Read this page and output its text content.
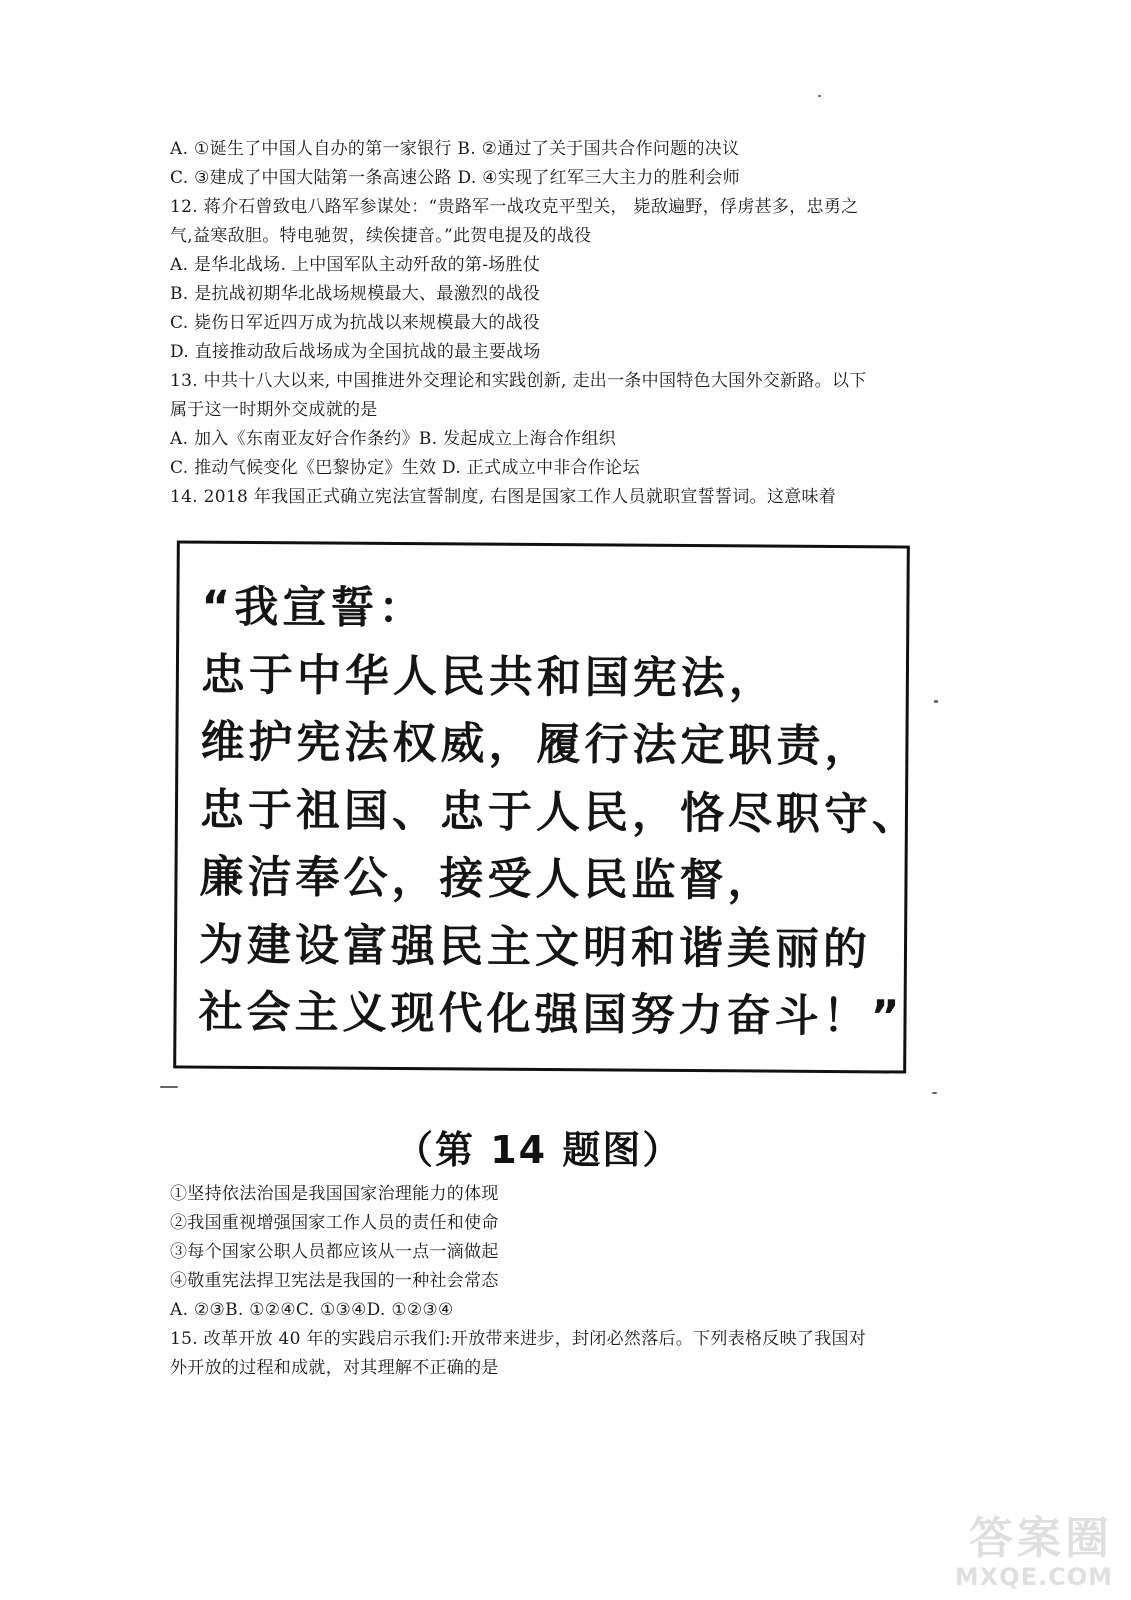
A. ①诞生了中国人自办的第一家银行 B. ②通过了关于国共合作问题的决议
C. ③建成了中国大陆第一条高速公路 D. ④实现了红军三大主力的胜利会师
12. 蒋介石曾致电八路军参谋处：“贵路军一战攻克平型关， 毙敌遍野，俘虏甚多，忠勇之
气,益寒敌胆。特电驰贺，续俟捷音。”此贺电提及的战役
A. 是华北战场. 上中国军队主动歼敌的第-场胜仗
B. 是抗战初期华北战场规模最大、最激烈的战役
C. 毙伤日军近四万成为抗战以来规模最大的战役
D. 直接推动敌后战场成为全国抗战的最主要战场
13. 中共十八大以来, 中国推进外交理论和实践创新, 走出一条中国特色大国外交新路。以下
属于这一时期外交成就的是
A. 加入《东南亚友好合作条约》B. 发起成立上海合作组织
C. 推动气候变化《巴黎协定》生效 D. 正式成立中非合作论坛
14. 2018 年我国正式确立宪法宣誓制度, 右图是国家工作人员就职宣誓誓词。这意味着
“我宣誓：
忠于中华人民共和国宪法，
维护宪法权威，履行法定职责，
忠于祖国、忠于人民，恪尽职守、
廉洁奉公，接受人民监督，
为建设富强民主文明和谐美丽的
社会主义现代化强国努力奋斗！”
（第 14 题图）
①坚持依法治国是我国国家治理能力的体现
②我国重视增强国家工作人员的责任和使命
③每个国家公职人员都应该从一点一滴做起
④敬重宪法捍卫宪法是我国的一种社会常态
A. ②③B. ①②④C. ①③④D. ①②③④
15. 改革开放 40 年的实践启示我们:开放带来进步，封闭必然落后。下列表格反映了我国对
外开放的过程和成就，对其理解不正确的是
答案圈
MXQE.COM
